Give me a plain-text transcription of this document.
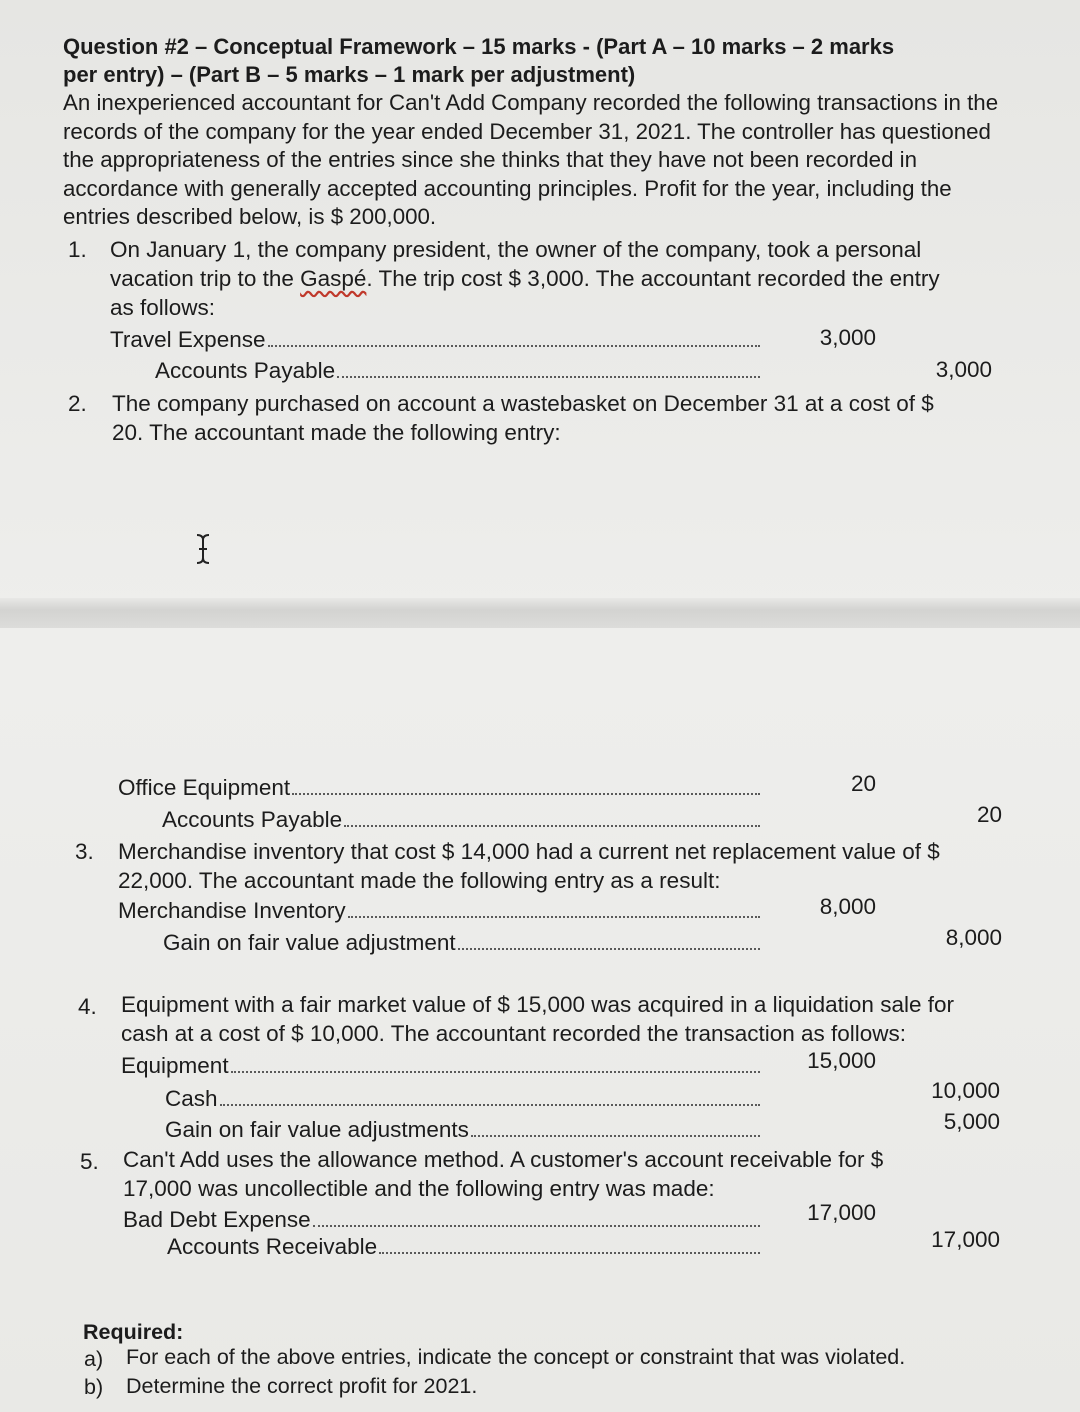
Question #2 – Conceptual Framework – 15 marks - (Part A – 10 marks – 2 marks
per entry) – (Part B – 5 marks – 1 mark per adjustment)
An inexperienced accountant for Can't Add Company recorded the following transactions in the records of the company for the year ended December 31, 2021. The controller has questioned the appropriateness of the entries since she thinks that they have not been recorded in accordance with generally accepted accounting principles. Profit for the year, including the entries described below, is $ 200,000.
1. On January 1, the company president, the owner of the company, took a personal
vacation trip to the Gaspé. The trip cost $ 3,000. The accountant recorded the entry
as follows:
Travel Expense	3,000
Accounts Payable	3,000
2. The company purchased on account a wastebasket on December 31 at a cost of $
20. The accountant made the following entry:
Office Equipment	20
Accounts Payable	20
3. Merchandise inventory that cost $ 14,000 had a current net replacement value of $
22,000. The accountant made the following entry as a result:
Merchandise Inventory	8,000
Gain on fair value adjustment	8,000
4. Equipment with a fair market value of $ 15,000 was acquired in a liquidation sale for
cash at a cost of $ 10,000. The accountant recorded the transaction as follows:
Equipment	15,000
Cash	10,000
Gain on fair value adjustments	5,000
5. Can't Add uses the allowance method. A customer's account receivable for $
17,000 was uncollectible and the following entry was made:
Bad Debt Expense	17,000
Accounts Receivable	17,000
Required:
a) For each of the above entries, indicate the concept or constraint that was violated.
b) Determine the correct profit for 2021.
